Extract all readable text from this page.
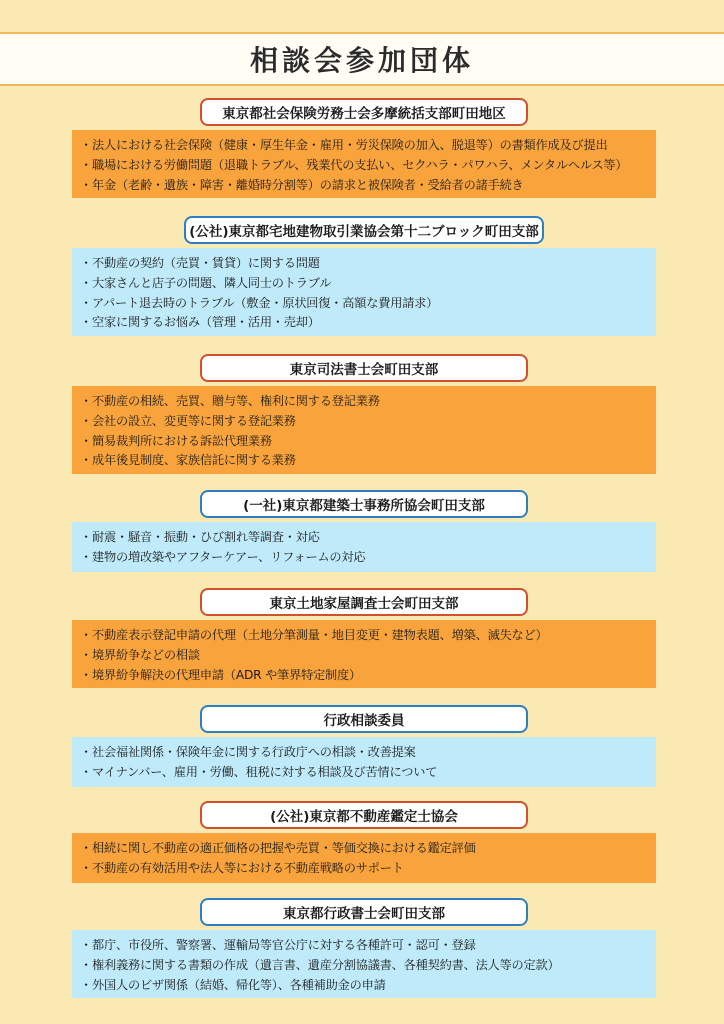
相談会参加団体
東京都社会保険労務士会多摩統括支部町田地区
・ 法人における社会保険（健康・厚生年金・雇用・労災保険の加入、脱退等）の書類作成及び提出
・ 職場における労働問題（退職トラブル、残業代の支払い、セクハラ・パワハラ、メンタルヘルス等）
・ 年金（老齢・遺族・障害・離婚時分割等）の請求と被保険者・受給者の諸手続き
(公社)東京都宅地建物取引業協会第十二ブロック町田支部
・ 不動産の契約（売買・賃貸）に関する問題
・ 大家さんと店子の問題、隣人同士のトラブル
・ アパート退去時のトラブル（敷金・原状回復・高額な費用請求）
・ 空家に関するお悩み（管理・活用・売却）
東京司法書士会町田支部
・ 不動産の相続、売買、贈与等、権利に関する登記業務
・ 会社の設立、変更等に関する登記業務
・ 簡易裁判所における訴訟代理業務
・ 成年後見制度、家族信託に関する業務
(一社)東京都建築士事務所協会町田支部
・ 耐震・騒音・振動・ひび割れ等調査・対応
・ 建物の増改築やアフターケアー、リフォームの対応
東京土地家屋調査士会町田支部
・ 不動産表示登記申請の代理（土地分筆測量・地目変更・建物表題、増築、滅失など）
・ 境界紛争などの相談
・ 境界紛争解決の代理申請（ADR や筆界特定制度）
行政相談委員
・ 社会福祉関係・保険年金に関する行政庁への相談・改善提案
・ マイナンバー、雇用・労働、租税に対する相談及び苦情について
(公社)東京都不動産鑑定士協会
・ 相続に関し不動産の適正価格の把握や売買・等価交換における鑑定評価
・ 不動産の有効活用や法人等における不動産戦略のサポート
東京都行政書士会町田支部
・ 都庁、市役所、警察署、運輸局等官公庁に対する各種許可・認可・登録
・ 権利義務に関する書類の作成（遺言書、遺産分割協議書、各種契約書、法人等の定款）
・ 外国人のビザ関係（結婚、帰化等）、各種補助金の申請
